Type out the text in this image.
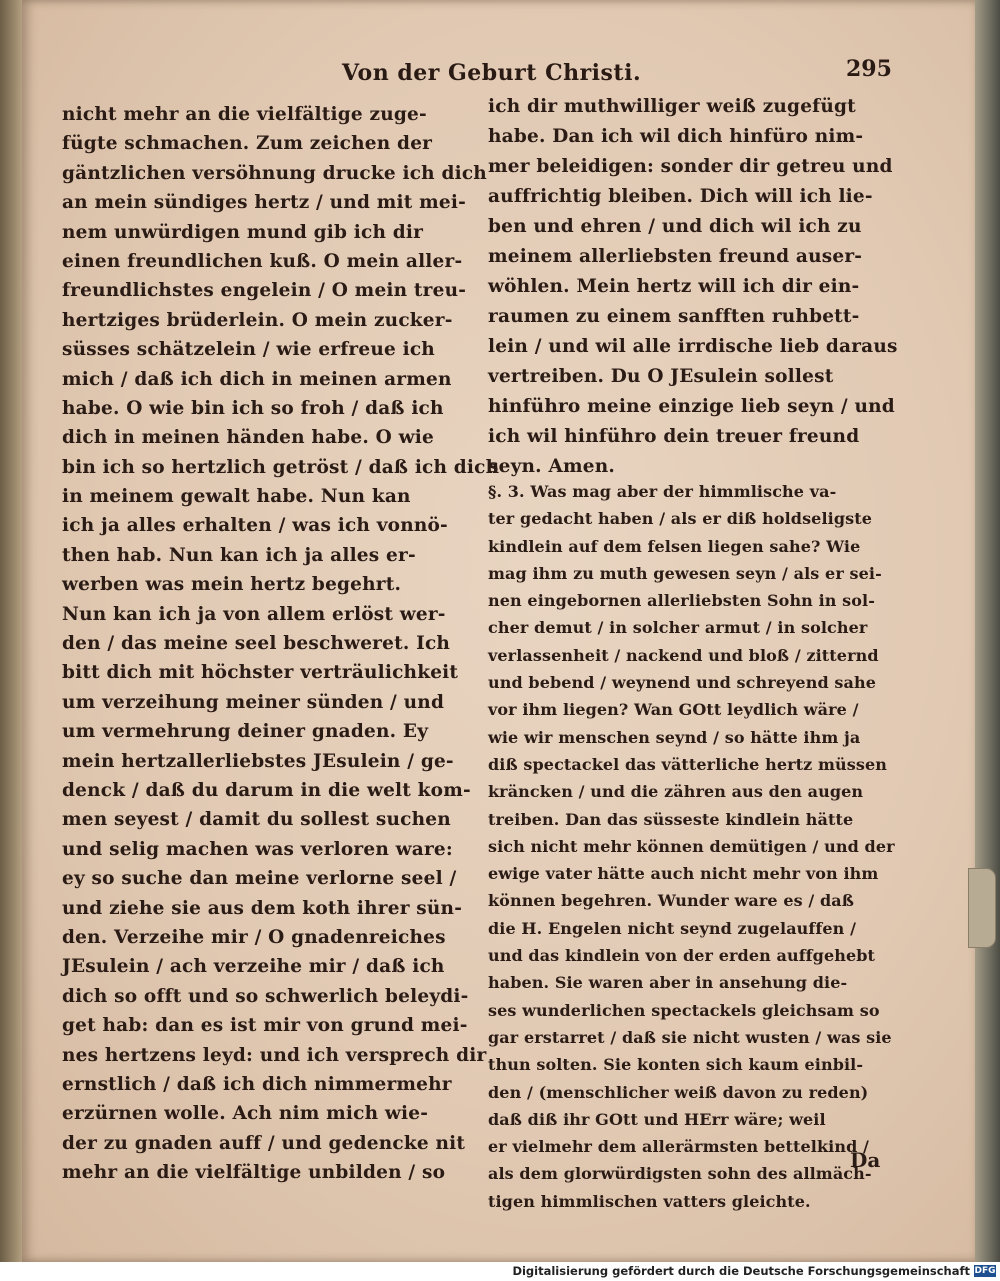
Von der Geburt Christi.	295
nicht mehr an die vielfältige zuge-
fügte schmachen. Zum zeichen der
gäntzlichen versöhnung drucke ich dich
an mein sündiges hertz / und mit mei-
nem unwürdigen mund gib ich dir
einen freundlichen kuß. O mein aller-
freundlichstes engelein / O mein treu-
hertziges brüderlein. O mein zucker-
süsses schätzelein / wie erfreue ich
mich / daß ich dich in meinen armen
habe. O wie bin ich so froh / daß ich
dich in meinen händen habe. O wie
bin ich so hertzlich getröst / daß ich dich
in meinem gewalt habe. Nun kan
ich ja alles erhalten / was ich vonnö-
then hab. Nun kan ich ja alles er-
werben was mein hertz begehrt.
Nun kan ich ja von allem erlöst wer-
den / das meine seel beschweret. Ich
bitt dich mit höchster verträulichkeit
um verzeihung meiner sünden / und
um vermehrung deiner gnaden. Ey
mein hertzallerliebstes JEsulein / ge-
denck / daß du darum in die welt kom-
men seyest / damit du sollest suchen
und selig machen was verloren ware:
ey so suche dan meine verlorne seel /
und ziehe sie aus dem koth ihrer sün-
den. Verzeihe mir / O gnadenreiches
JEsulein / ach verzeihe mir / daß ich
dich so offt und so schwerlich beleydi-
get hab: dan es ist mir von grund mei-
nes hertzens leyd: und ich versprech dir
ernstlich / daß ich dich nimmermehr
erzürnen wolle. Ach nim mich wie-
der zu gnaden auff / und gedencke nit
mehr an die vielfältige unbilden / so
ich dir muthwilliger weiß zugefügt
habe. Dan ich wil dich hinfüro nim-
mer beleidigen: sonder dir getreu und
auffrichtig bleiben. Dich will ich lie-
ben und ehren / und dich wil ich zu
meinem allerliebsten freund auser-
wöhlen. Mein hertz will ich dir ein-
raumen zu einem sanfften ruhbett-
lein / und wil alle irrdische lieb daraus
vertreiben. Du O JEsulein sollest
hinführo meine einzige lieb seyn / und
ich wil hinführo dein treuer freund
seyn. Amen.
§. 3. Was mag aber der himmlische va-
ter gedacht haben / als er diß holdseligste
kindlein auf dem felsen liegen sahe? Wie
mag ihm zu muth gewesen seyn / als er sei-
nen eingebornen allerliebsten Sohn in sol-
cher demut / in solcher armut / in solcher
verlassenheit / nackend und bloß / zitternd
und bebend / weynend und schreyend sahe
vor ihm liegen? Wan GOtt leydlich wäre /
wie wir menschen seynd / so hätte ihm ja
diß spectackel das vätterliche hertz müssen
kräncken / und die zähren aus den augen
treiben. Dan das süsseste kindlein hätte
sich nicht mehr können demütigen / und der
ewige vater hätte auch nicht mehr von ihm
können begehren. Wunder ware es / daß
die H. Engelen nicht seynd zugelauffen /
und das kindlein von der erden auffgehebt
haben. Sie waren aber in ansehung die-
ses wunderlichen spectackels gleichsam so
gar erstarret / daß sie nicht wusten / was sie
thun solten. Sie konten sich kaum einbil-
den / (menschlicher weiß davon zu reden)
daß diß ihr GOtt und HErr wäre; weil
er vielmehr dem allerärmsten bettelkind /
als dem glorwürdigsten sohn des allmäch-
tigen himmlischen vatters gleichte.
Da
Digitalisierung gefördert durch die Deutsche Forschungsgemeinschaft DFG
